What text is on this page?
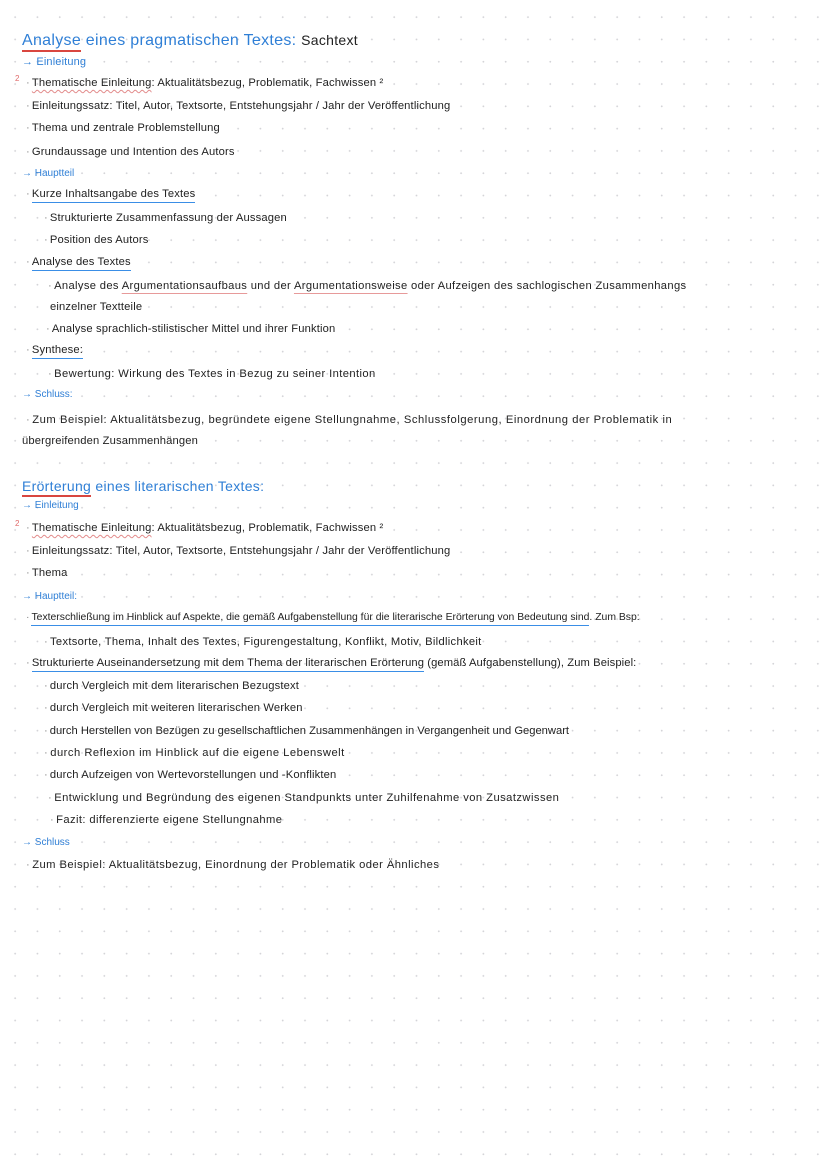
Analyse eines pragmatischen Textes: Sachtext
→ Einleitung
2 · Thematische Einleitung: Aktualitätsbezug, Problematik, Fachwissen ²
· Einleitungssatz: Titel, Autor, Textsorte, Entstehungsjahr / Jahr der Veröffentlichung
· Thema und zentrale Problemstellung
· Grundaussage und Intention des Autors
→ Hauptteil
· Kurze Inhaltsangabe des Textes
· Strukturierte Zusammenfassung der Aussagen
· Position des Autors
· Analyse des Textes
· Analyse des Argumentationsaufbaus und der Argumentationsweise oder Aufzeigen des sachlogischen Zusammenhangs
einzelner Textteile
· Analyse sprachlich-stilistischer Mittel und ihrer Funktion
· Synthese:
· Bewertung: Wirkung des Textes in Bezug zu seiner Intention
→ Schluss:
· Zum Beispiel: Aktualitätsbezug, begründete eigene Stellungnahme, Schlussfolgerung, Einordnung der Problematik in
übergreifenden Zusammenhängen
Erörterung eines literarischen Textes:
→ Einleitung
2 · Thematische Einleitung: Aktualitätsbezug, Problematik, Fachwissen ²
· Einleitungssatz: Titel, Autor, Textsorte, Entstehungsjahr / Jahr der Veröffentlichung
· Thema
→ Hauptteil:
· Texterschließung im Hinblick auf Aspekte, die gemäß Aufgabenstellung für die literarische Erörterung von Bedeutung sind. Zum Bsp:
· Textsorte, Thema, Inhalt des Textes, Figurengestaltung, Konflikt, Motiv, Bildlichkeit
· Strukturierte Auseinandersetzung mit dem Thema der literarischen Erörterung (gemäß Aufgabenstellung), Zum Beispiel:
· durch Vergleich mit dem literarischen Bezugstext
· durch Vergleich mit weiteren literarischen Werken
· durch Herstellen von Bezügen zu gesellschaftlichen Zusammenhängen in Vergangenheit und Gegenwart
· durch Reflexion im Hinblick auf die eigene Lebenswelt
· durch Aufzeigen von Wertevorstellungen und -Konflikten
· Entwicklung und Begründung des eigenen Standpunkts unter Zuhilfenahme von Zusatzwissen
· Fazit: differenzierte eigene Stellungnahme
→ Schluss
· Zum Beispiel: Aktualitätsbezug, Einordnung der Problematik oder Ähnliches
